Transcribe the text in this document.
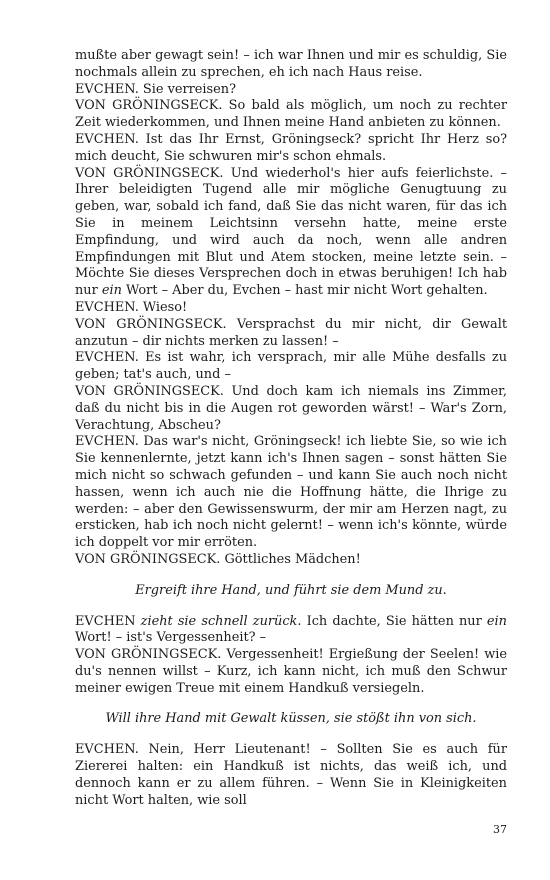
mußte aber gewagt sein! – ich war Ihnen und mir es schuldig, Sie nochmals allein zu sprechen, eh ich nach Haus reise.

EVCHEN. Sie verreisen?

VON GRÖNINGSECK. So bald als möglich, um noch zu rechter Zeit wiederkommen, und Ihnen meine Hand anbieten zu können.

EVCHEN. Ist das Ihr Ernst, Gröningseck? spricht Ihr Herz so? mich deucht, Sie schwuren mir's schon ehmals.

VON GRÖNINGSECK. Und wiederhol's hier aufs feierlichste. – Ihrer beleidigten Tugend alle mir mögliche Genugtuung zu geben, war, sobald ich fand, daß Sie das nicht waren, für das ich Sie in meinem Leichtsinn versehn hatte, meine erste Empfindung, und wird auch da noch, wenn alle andren Empfindungen mit Blut und Atem stocken, meine letzte sein. – Möchte Sie dieses Versprechen doch in etwas beruhigen! Ich hab nur ein Wort – Aber du, Evchen – hast mir nicht Wort gehalten.

EVCHEN. Wieso!

VON GRÖNINGSECK. Versprachst du mir nicht, dir Gewalt anzutun – dir nichts merken zu lassen! –

EVCHEN. Es ist wahr, ich versprach, mir alle Mühe desfalls zu geben; tat's auch, und –

VON GRÖNINGSECK. Und doch kam ich niemals ins Zimmer, daß du nicht bis in die Augen rot geworden wärst! – War's Zorn, Verachtung, Abscheu?

EVCHEN. Das war's nicht, Gröningseck! ich liebte Sie, so wie ich Sie kennenlernte, jetzt kann ich's Ihnen sagen – sonst hätten Sie mich nicht so schwach gefunden – und kann Sie auch noch nicht hassen, wenn ich auch nie die Hoffnung hätte, die Ihrige zu werden: – aber den Gewissenswurm, der mir am Herzen nagt, zu ersticken, hab ich noch nicht gelernt! – wenn ich's könnte, würde ich doppelt vor mir erröten.

VON GRÖNINGSECK. Göttliches Mädchen!

Ergreift ihre Hand, und führt sie dem Mund zu.

EVCHEN zieht sie schnell zurück. Ich dachte, Sie hätten nur ein Wort! – ist's Vergessenheit? –

VON GRÖNINGSECK. Vergessenheit! Ergießung der Seelen! wie du's nennen willst – Kurz, ich kann nicht, ich muß den Schwur meiner ewigen Treue mit einem Handkuß versiegeln.

Will ihre Hand mit Gewalt küssen, sie stößt ihn von sich.

EVCHEN. Nein, Herr Lieutenant! – Sollten Sie es auch für Ziererei halten: ein Handkuß ist nichts, das weiß ich, und dennoch kann er zu allem führen. – Wenn Sie in Kleinigkeiten nicht Wort halten, wie soll

37
